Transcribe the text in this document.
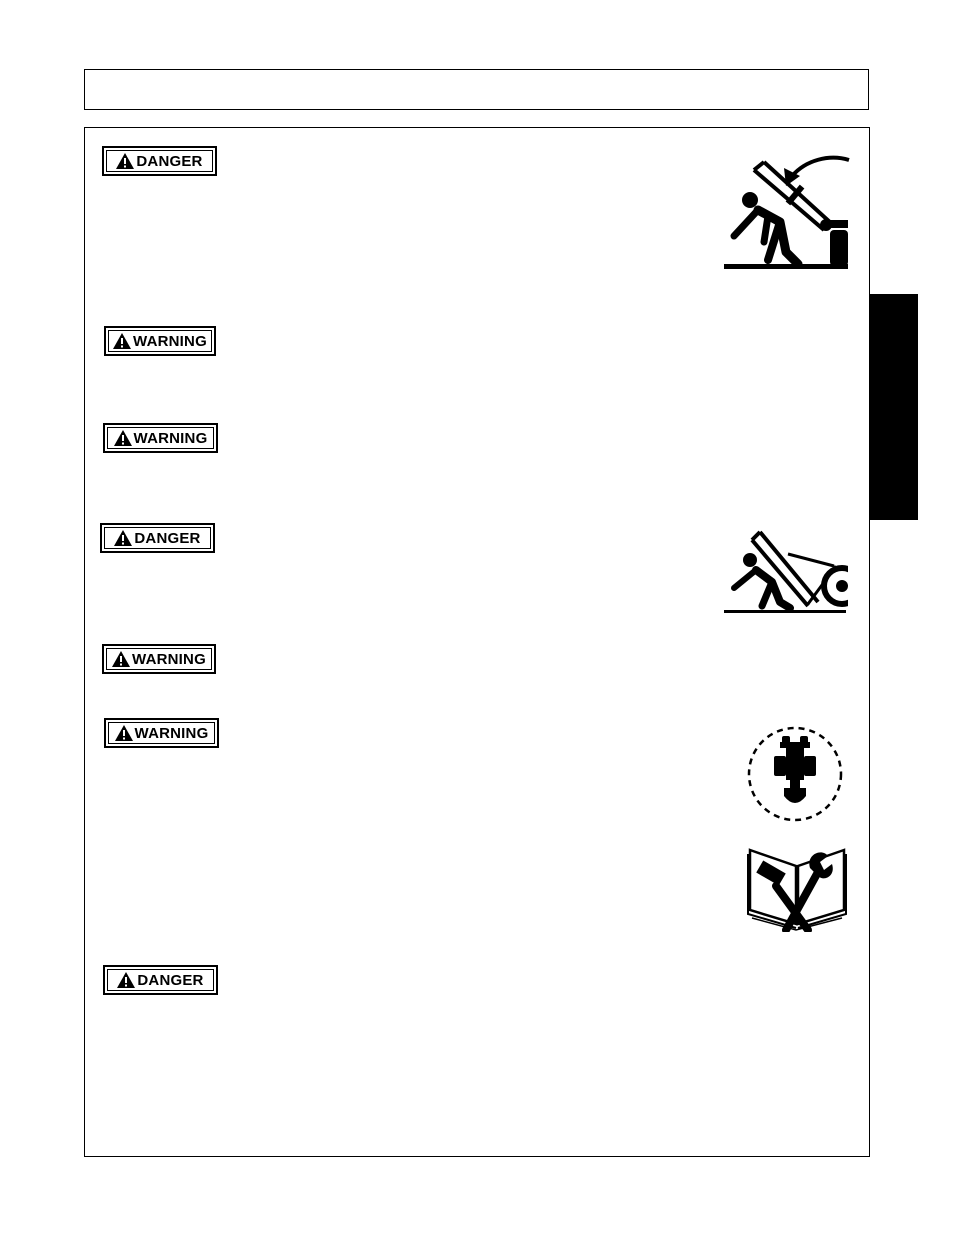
DANGER
WARNING
WARNING
DANGER
WARNING
WARNING
DANGER
